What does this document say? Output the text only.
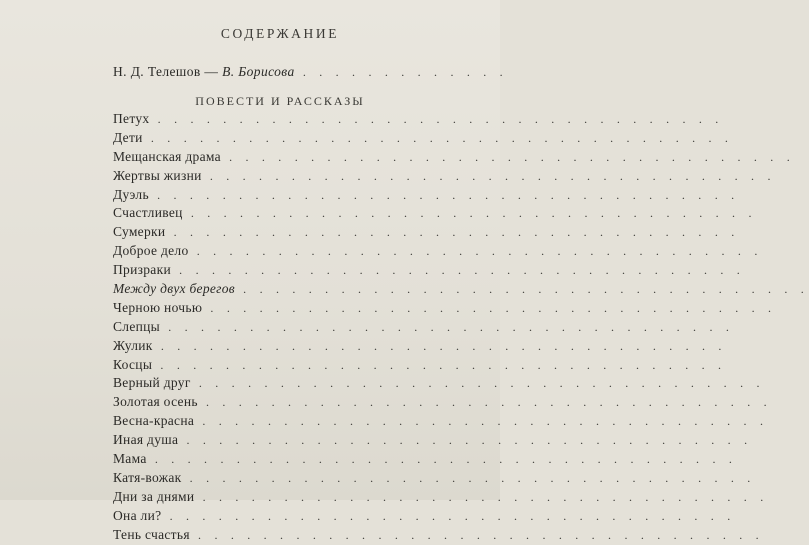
СОДЕРЖАНИЕ
Н. Д. Телешов — В. Борисова . . . . . . . . . . . . .
ПОВЕСТИ И РАССКАЗЫ
Петух . . . . . . . . . . . . . . . . . . . . . . . . . . . . . . . . . . .
Дети . . . . . . . . . . . . . . . . . . . . . . . . . . . . . . . . . . . .
Мещанская драма . . . . . . . . . . . . . . . . . . . . . . . . . . . . . . . . . . .
Жертвы жизни . . . . . . . . . . . . . . . . . . . . . . . . . . . . . . . . . . .
Дуэль . . . . . . . . . . . . . . . . . . . . . . . . . . . . . . . . . . . .
Счастливец . . . . . . . . . . . . . . . . . . . . . . . . . . . . . . . . . . .
Сумерки . . . . . . . . . . . . . . . . . . . . . . . . . . . . . . . . . . .
Доброе дело . . . . . . . . . . . . . . . . . . . . . . . . . . . . . . . . . . .
Призраки . . . . . . . . . . . . . . . . . . . . . . . . . . . . . . . . . . .
Между двух берегов . . . . . . . . . . . . . . . . . . . . . . . . . . . . . . . . . . .
Черною ночью . . . . . . . . . . . . . . . . . . . . . . . . . . . . . . . . . . .
Слепцы . . . . . . . . . . . . . . . . . . . . . . . . . . . . . . . . . . .
Жулик . . . . . . . . . . . . . . . . . . . . . . . . . . . . . . . . . . .
Косцы . . . . . . . . . . . . . . . . . . . . . . . . . . . . . . . . . . .
Верный друг . . . . . . . . . . . . . . . . . . . . . . . . . . . . . . . . . . .
Золотая осень . . . . . . . . . . . . . . . . . . . . . . . . . . . . . . . . . . .
Весна-красна . . . . . . . . . . . . . . . . . . . . . . . . . . . . . . . . . . .
Иная душа . . . . . . . . . . . . . . . . . . . . . . . . . . . . . . . . . . .
Мама . . . . . . . . . . . . . . . . . . . . . . . . . . . . . . . . . . . .
Катя-вожак . . . . . . . . . . . . . . . . . . . . . . . . . . . . . . . . . . .
Дни за днями . . . . . . . . . . . . . . . . . . . . . . . . . . . . . . . . . . .
Она ли? . . . . . . . . . . . . . . . . . . . . . . . . . . . . . . . . . . .
Тень счастья . . . . . . . . . . . . . . . . . . . . . . . . . . . . . . . . . . .
